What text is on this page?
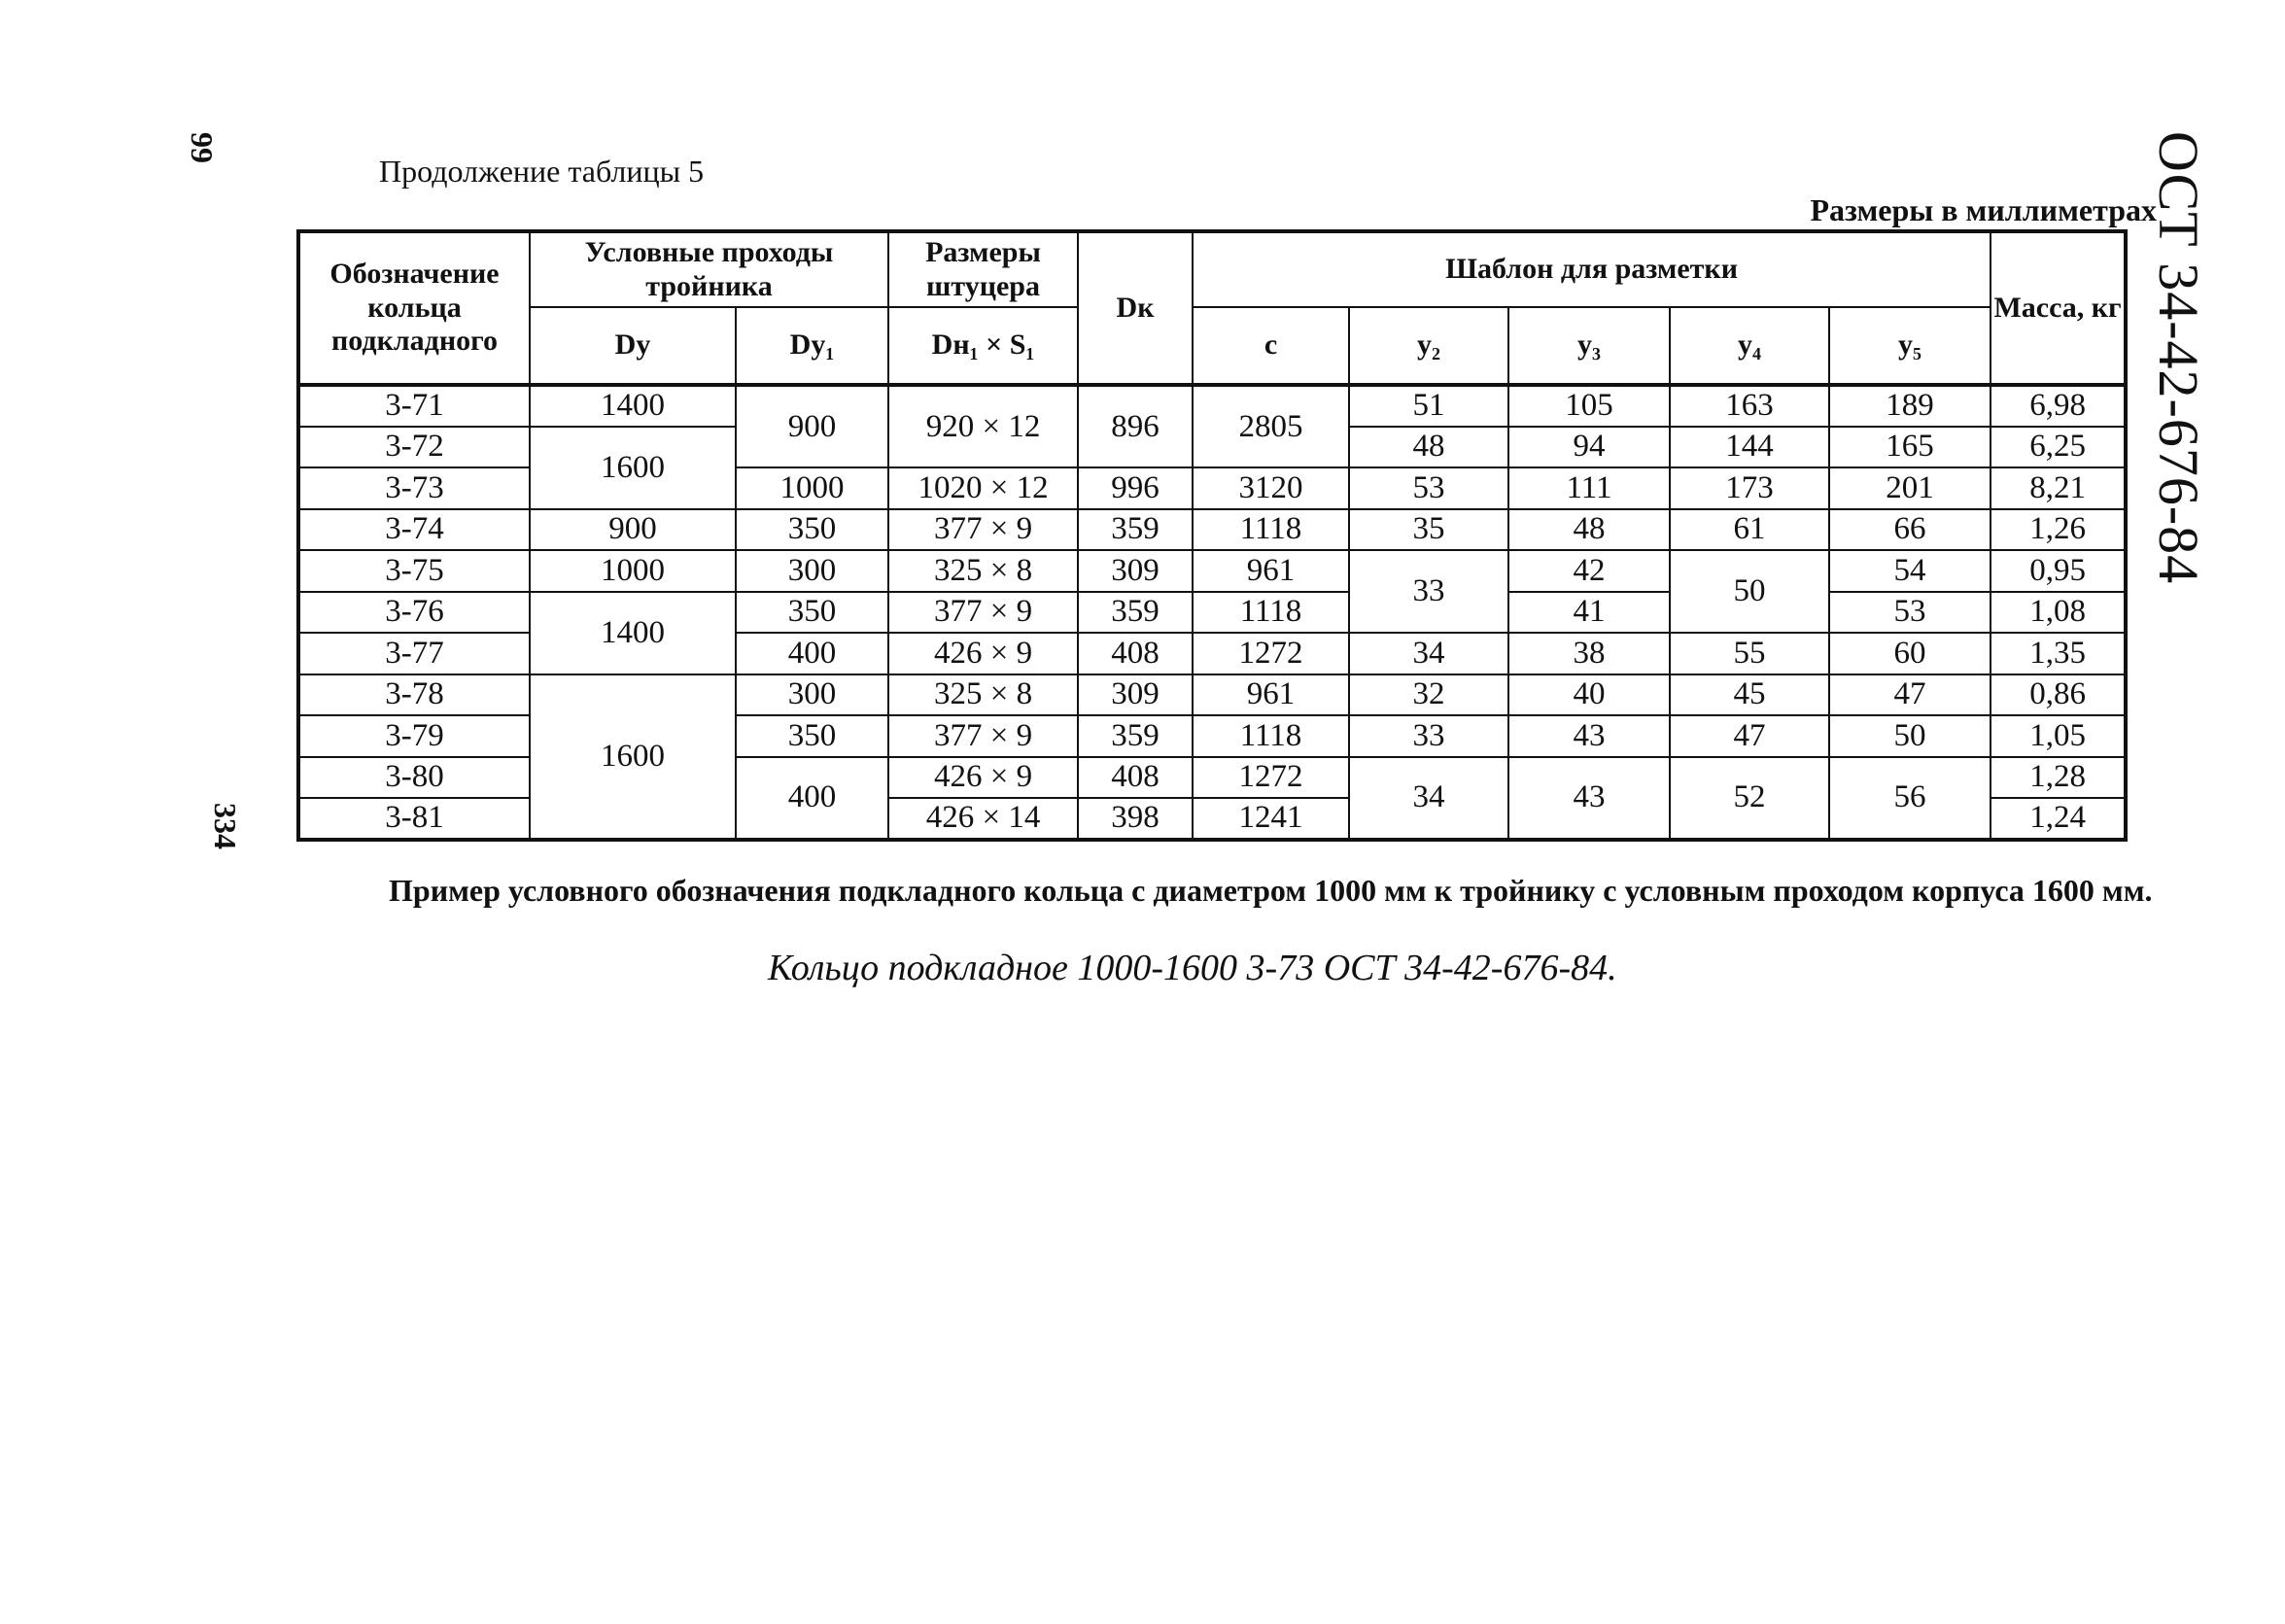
99
334
ОСТ 34-42-676-84
Продолжение таблицы 5
Размеры в миллиметрах
Обозначение кольца подкладного	Условные проходы тройника		Размеры штуцера	Dк	Шаблон для разметки					Масса, кг
	Dy	Dy₁	Dн₁ × S₁		c	y₂	y₃	y₄	y₅	
3-71	1400	900	920 × 12	896	2805	51	105	163	189	6,98
3-72	1600					48	94	144	165	6,25
3-73		1000	1020 × 12	996	3120	53	111	173	201	8,21
3-74	900	350	377 × 9	359	1118	35	48	61	66	1,26
3-75	1000	300	325 × 8	309	961	33	42	50	54	0,95
3-76	1400	350	377 × 9	359	1118		41		53	1,08
3-77		400	426 × 9	408	1272	34	38	55	60	1,35
3-78	1600	300	325 × 8	309	961	32	40	45	47	0,86
3-79		350	377 × 9	359	1118	33	43	47	50	1,05
3-80		400	426 × 9	408	1272	34	43	52	56	1,28
3-81			426 × 14	398	1241					1,24
Пример условного обозначения подкладного кольца с диаметром 1000 мм к тройнику с условным проходом корпуса 1600 мм.
Кольцо подкладное 1000-1600 3-73 ОСТ 34-42-676-84.
